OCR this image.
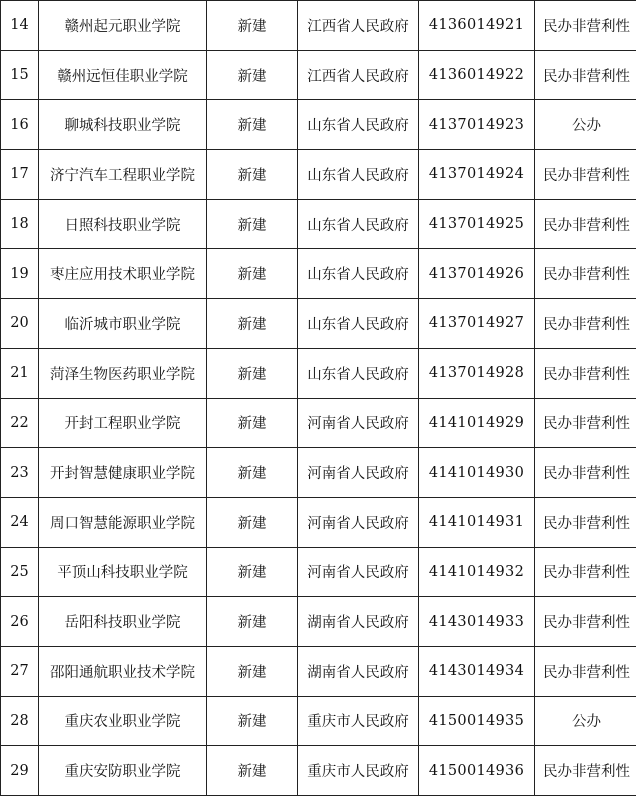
14	赣州起元职业学院	新建	江西省人民政府	4136014921	民办非营利性
15	赣州远恒佳职业学院	新建	江西省人民政府	4136014922	民办非营利性
16	聊城科技职业学院	新建	山东省人民政府	4137014923	公办
17	济宁汽车工程职业学院	新建	山东省人民政府	4137014924	民办非营利性
18	日照科技职业学院	新建	山东省人民政府	4137014925	民办非营利性
19	枣庄应用技术职业学院	新建	山东省人民政府	4137014926	民办非营利性
20	临沂城市职业学院	新建	山东省人民政府	4137014927	民办非营利性
21	菏泽生物医药职业学院	新建	山东省人民政府	4137014928	民办非营利性
22	开封工程职业学院	新建	河南省人民政府	4141014929	民办非营利性
23	开封智慧健康职业学院	新建	河南省人民政府	4141014930	民办非营利性
24	周口智慧能源职业学院	新建	河南省人民政府	4141014931	民办非营利性
25	平顶山科技职业学院	新建	河南省人民政府	4141014932	民办非营利性
26	岳阳科技职业学院	新建	湖南省人民政府	4143014933	民办非营利性
27	邵阳通航职业技术学院	新建	湖南省人民政府	4143014934	民办非营利性
28	重庆农业职业学院	新建	重庆市人民政府	4150014935	公办
29	重庆安防职业学院	新建	重庆市人民政府	4150014936	民办非营利性
